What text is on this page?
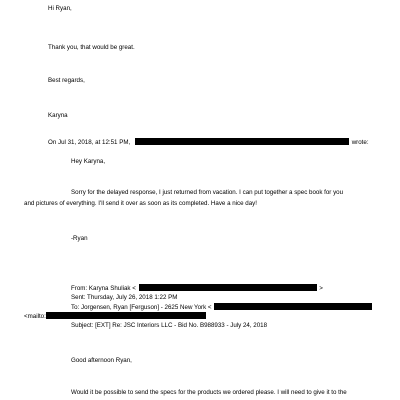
Hi Ryan,
Thank you, that would be great.
Best regards,
Karyna
On Jul 31, 2018, at 12:51 PM,	wrote:
Hey Karyna,
Sorry for the delayed response, I just returned from vacation. I can put together a spec book for you
and pictures of everything. I'll send it over as soon as its completed. Have a nice day!
-Ryan
From: Karyna Shuliak <	>
Sent: Thursday, July 26, 2018 1:22 PM
To: Jorgensen, Ryan [Ferguson] - 2625 New York <
<mailto:
Subject: [EXT] Re: JSC Interiors LLC - Bid No. B988933 - July 24, 2018
Good afternoon Ryan,
Would it be possible to send the specs for the products we ordered please. I will need to give it to the
